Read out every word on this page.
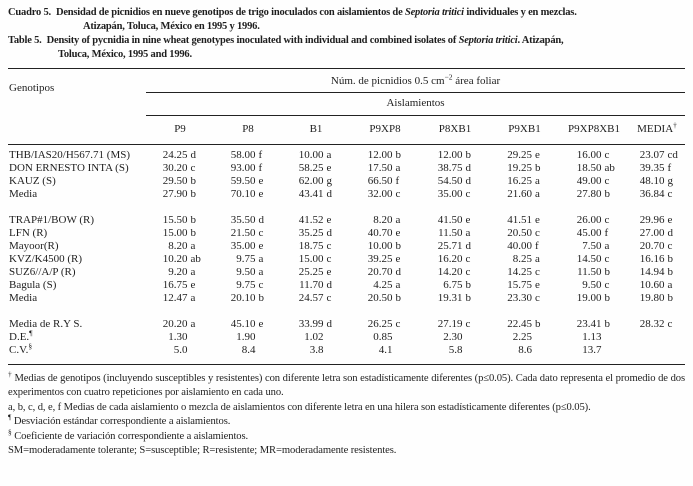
Cuadro 5. Densidad de picnidios en nueve genotipos de trigo inoculados con aislamientos de Septoria tritici individuales y en mezclas.
Atizapán, Toluca, México en 1995 y 1996.

Table 5. Density of pycnidia in nine wheat genotypes inoculated with individual and combined isolates of Septoria tritici. Atizapán,
Toluca, México, 1995 and 1996.

Genotipos	Núm. de picnidios 0.5 $cm^{-2}$ área foliar							
	Aislamientos							
	P9	P8	B1	P9XP8	P8XB1	P9XB1	P9XP8XB1	MEDIA†

THB/IAS20/H567.71 (MS)	24.25 d	58.00 f	10.00 a	12.00 b	12.00 b	29.25 e	16.00 c	23.07 cd
DON ERNESTO INTA (S)	30.20 c	93.00 f	58.25 e	17.50 a	38.75 d	19.25 b	18.50 ab	39.35 f
KAUZ (S)	29.50 b	59.50 e	62.00 g	66.50 f	54.50 d	16.25 a	49.00 c	48.10 g
Media	27.90 b	70.10 e	43.41 d	32.00 c	35.00 c	21.60 a	27.80 b	36.84 c

TRAP#1/BOW (R)	15.50 b	35.50 d	41.52 e	8.20 a	41.50 e	41.51 e	26.00 c	29.96 e
LFN (R)	15.00 b	21.50 c	35.25 d	40.70 e	11.50 a	20.50 c	45.00 f	27.00 d
Mayoor(R)	8.20 a	35.00 e	18.75 c	10.00 b	25.71 d	40.00 f	7.50 a	20.70 c
KVZ/K4500 (R)	10.20 ab	9.75 a	15.00 c	39.25 e	16.20 c	8.25 a	14.50 c	16.16 b
SUZ6//A/P (R)	9.20 a	9.50 a	25.25 e	20.70 d	14.20 c	14.25 c	11.50 b	14.94 b
Bagula (S)	16.75 e	9.75 c	11.70 d	4.25 a	6.75 b	15.75 e	9.50 c	10.60 a
Media	12.47 a	20.10 b	24.57 c	20.50 b	19.31 b	23.30 c	19.00 b	19.80 b

Media de R.Y S.	20.20 a	45.10 e	33.99 d	26.25 c	27.19 c	22.45 b	23.41 b	28.32 c
D.E.¶	1.30	1.90	1.02	0.85	2.30	2.25	1.13	
C.V.§	5.0	8.4	3.8	4.1	5.8	8.6	13.7	

† Medias de genotipos (incluyendo susceptibles y resistentes) con diferente letra son estadísticamente diferentes (p≤0.05). Cada dato representa el promedio de dos experimentos con cuatro repeticiones por aislamiento en cada uno.

a, b, c, d, e, f Medias de cada aislamiento o mezcla de aislamientos con diferente letra en una hilera son estadísticamente diferentes (p≤0.05).

¶ Desviación estándar correspondiente a aislamientos.

§ Coeficiente de variación correspondiente a aislamientos.

SM=moderadamente tolerante; S=susceptible; R=resistente; MR=moderadamente resistentes.
